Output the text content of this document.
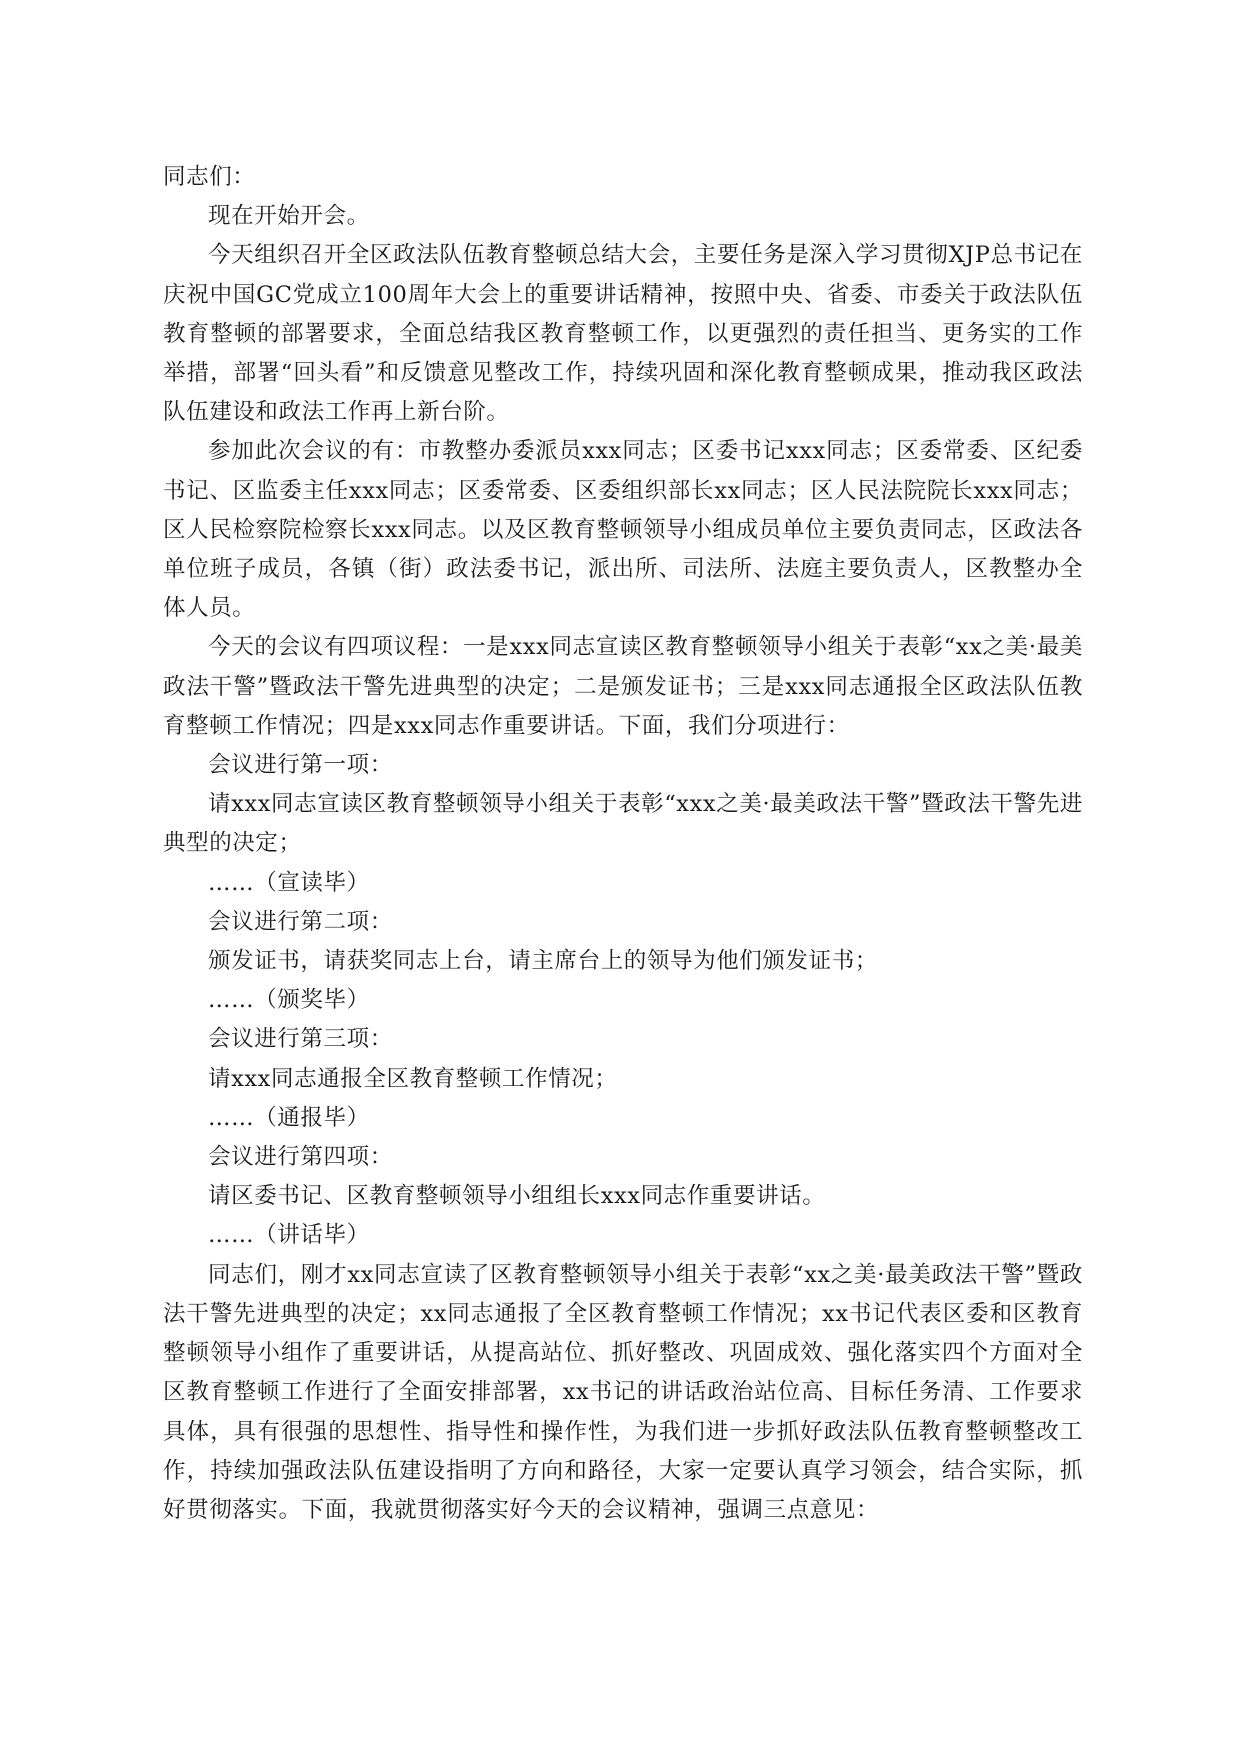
同志们：

现在开始开会。

今天组织召开全区政法队伍教育整顿总结大会，主要任务是深入学习贯彻XJP总书记在庆祝中国GC党成立100周年大会上的重要讲话精神，按照中央、省委、市委关于政法队伍教育整顿的部署要求，全面总结我区教育整顿工作，以更强烈的责任担当、更务实的工作举措，部署“回头看”和反馈意见整改工作，持续巩固和深化教育整顿成果，推动我区政法队伍建设和政法工作再上新台阶。

参加此次会议的有：市教整办委派员xxx同志；区委书记xxx同志；区委常委、区纪委书记、区监委主任xxx同志；区委常委、区委组织部长xx同志；区人民法院院长xxx同志；区人民检察院检察长xxx同志。以及区教育整顿领导小组成员单位主要负责同志，区政法各单位班子成员，各镇（街）政法委书记，派出所、司法所、法庭主要负责人，区教整办全体人员。

今天的会议有四项议程：一是xxx同志宣读区教育整顿领导小组关于表彰“xx之美·最美政法干警”暨政法干警先进典型的决定；二是颁发证书；三是xxx同志通报全区政法队伍教育整顿工作情况；四是xxx同志作重要讲话。下面，我们分项进行：

会议进行第一项：

请xxx同志宣读区教育整顿领导小组关于表彰“xxx之美·最美政法干警”暨政法干警先进典型的决定；

……（宣读毕）

会议进行第二项：

颁发证书，请获奖同志上台，请主席台上的领导为他们颁发证书；

……（颁奖毕）

会议进行第三项：

请xxx同志通报全区教育整顿工作情况；

……（通报毕）

会议进行第四项：

请区委书记、区教育整顿领导小组组长xxx同志作重要讲话。

……（讲话毕）

同志们，刚才xx同志宣读了区教育整顿领导小组关于表彰“xx之美·最美政法干警”暨政法干警先进典型的决定；xx同志通报了全区教育整顿工作情况；xx书记代表区委和区教育整顿领导小组作了重要讲话，从提高站位、抓好整改、巩固成效、强化落实四个方面对全区教育整顿工作进行了全面安排部署，xx书记的讲话政治站位高、目标任务清、工作要求具体，具有很强的思想性、指导性和操作性，为我们进一步抓好政法队伍教育整顿整改工作，持续加强政法队伍建设指明了方向和路径，大家一定要认真学习领会，结合实际，抓好贯彻落实。下面，我就贯彻落实好今天的会议精神，强调三点意见：
